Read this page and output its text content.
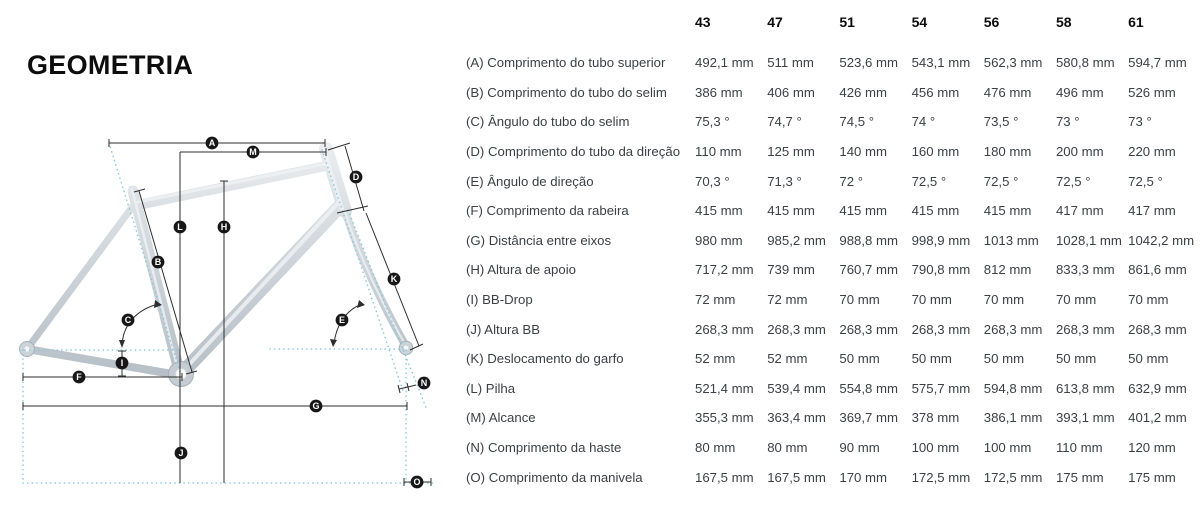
GEOMETRIA
A
M
L	H
B
D
K
C	E
I
F
G
J
N
O
43	47	51	54	56	58	61
(A) Comprimento do tubo superior	492,1 mm	511 mm	523,6 mm	543,1 mm	562,3 mm	580,8 mm	594,7 mm
(B) Comprimento do tubo do selim	386 mm	406 mm	426 mm	456 mm	476 mm	496 mm	526 mm
(C) Ângulo do tubo do selim	75,3 °	74,7 °	74,5 °	74 °	73,5 °	73 °	73 °
(D) Comprimento do tubo da direção	110 mm	125 mm	140 mm	160 mm	180 mm	200 mm	220 mm
(E) Ângulo de direção	70,3 °	71,3 °	72 °	72,5 °	72,5 °	72,5 °	72,5 °
(F) Comprimento da rabeira	415 mm	415 mm	415 mm	415 mm	415 mm	417 mm	417 mm
(G) Distância entre eixos	980 mm	985,2 mm	988,8 mm	998,9 mm	1013 mm	1028,1 mm 1042,2 mm
(H) Altura de apoio	717,2 mm	739 mm	760,7 mm	790,8 mm	812 mm	833,3 mm	861,6 mm
(I) BB-Drop	72 mm	72 mm	70 mm	70 mm	70 mm	70 mm	70 mm
(J) Altura BB	268,3 mm	268,3 mm	268,3 mm	268,3 mm	268,3 mm	268,3 mm	268,3 mm
(K) Deslocamento do garfo	52 mm	52 mm	50 mm	50 mm	50 mm	50 mm	50 mm
(L) Pilha	521,4 mm	539,4 mm	554,8 mm	575,7 mm	594,8 mm	613,8 mm	632,9 mm
(M) Alcance	355,3 mm	363,4 mm	369,7 mm	378 mm	386,1 mm	393,1 mm	401,2 mm
(N) Comprimento da haste	80 mm	80 mm	90 mm	100 mm	100 mm	110 mm	120 mm
(O) Comprimento da manivela	167,5 mm	167,5 mm	170 mm	172,5 mm	172,5 mm	175 mm	175 mm
